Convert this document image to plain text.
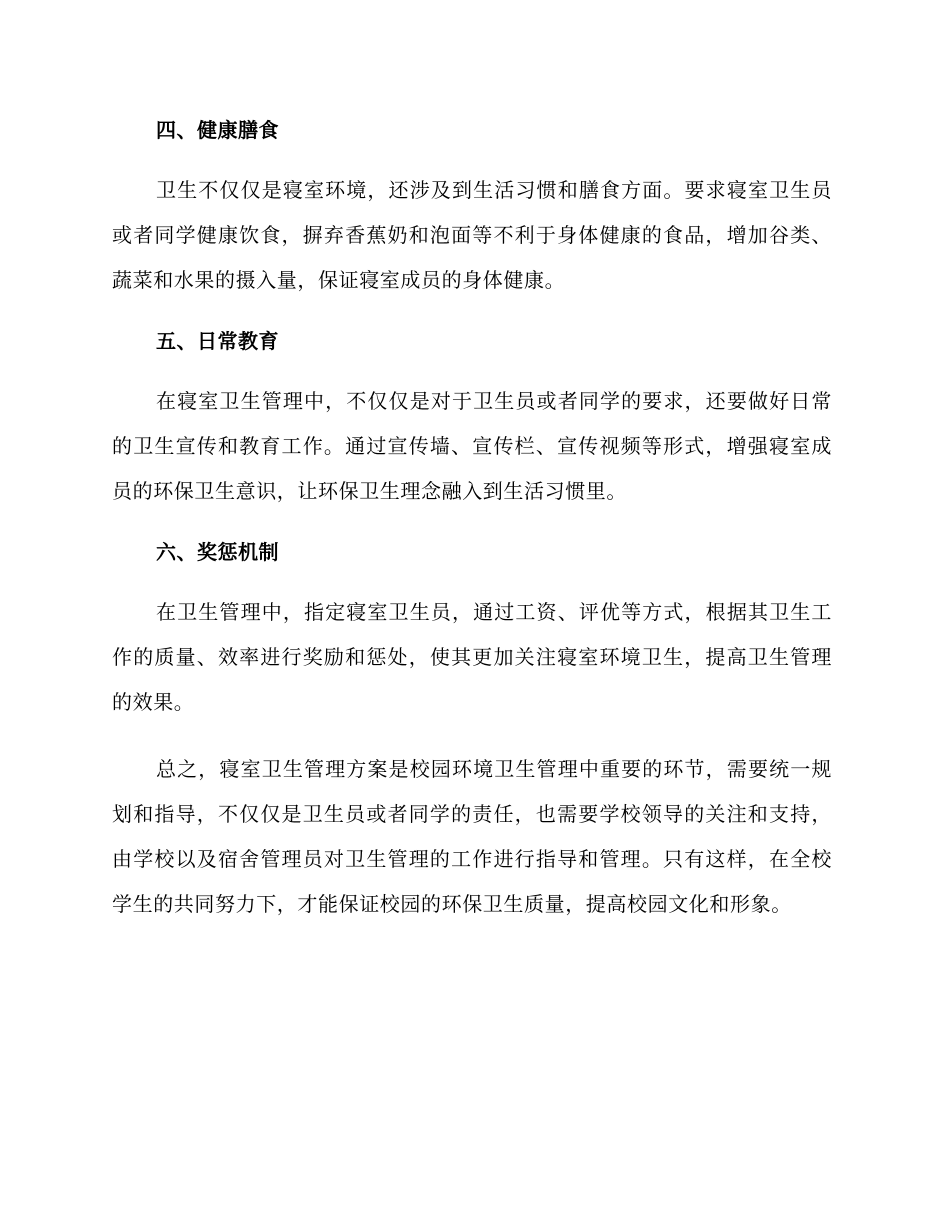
四、健康膳食

卫生不仅仅是寝室环境，还涉及到生活习惯和膳食方面。要求寝室卫生员或者同学健康饮食，摒弃香蕉奶和泡面等不利于身体健康的食品，增加谷类、蔬菜和水果的摄入量，保证寝室成员的身体健康。

五、日常教育

在寝室卫生管理中，不仅仅是对于卫生员或者同学的要求，还要做好日常的卫生宣传和教育工作。通过宣传墙、宣传栏、宣传视频等形式，增强寝室成员的环保卫生意识，让环保卫生理念融入到生活习惯里。

六、奖惩机制

在卫生管理中，指定寝室卫生员，通过工资、评优等方式，根据其卫生工作的质量、效率进行奖励和惩处，使其更加关注寝室环境卫生，提高卫生管理的效果。

总之，寝室卫生管理方案是校园环境卫生管理中重要的环节，需要统一规划和指导，不仅仅是卫生员或者同学的责任，也需要学校领导的关注和支持，由学校以及宿舍管理员对卫生管理的工作进行指导和管理。只有这样，在全校学生的共同努力下，才能保证校园的环保卫生质量，提高校园文化和形象。
